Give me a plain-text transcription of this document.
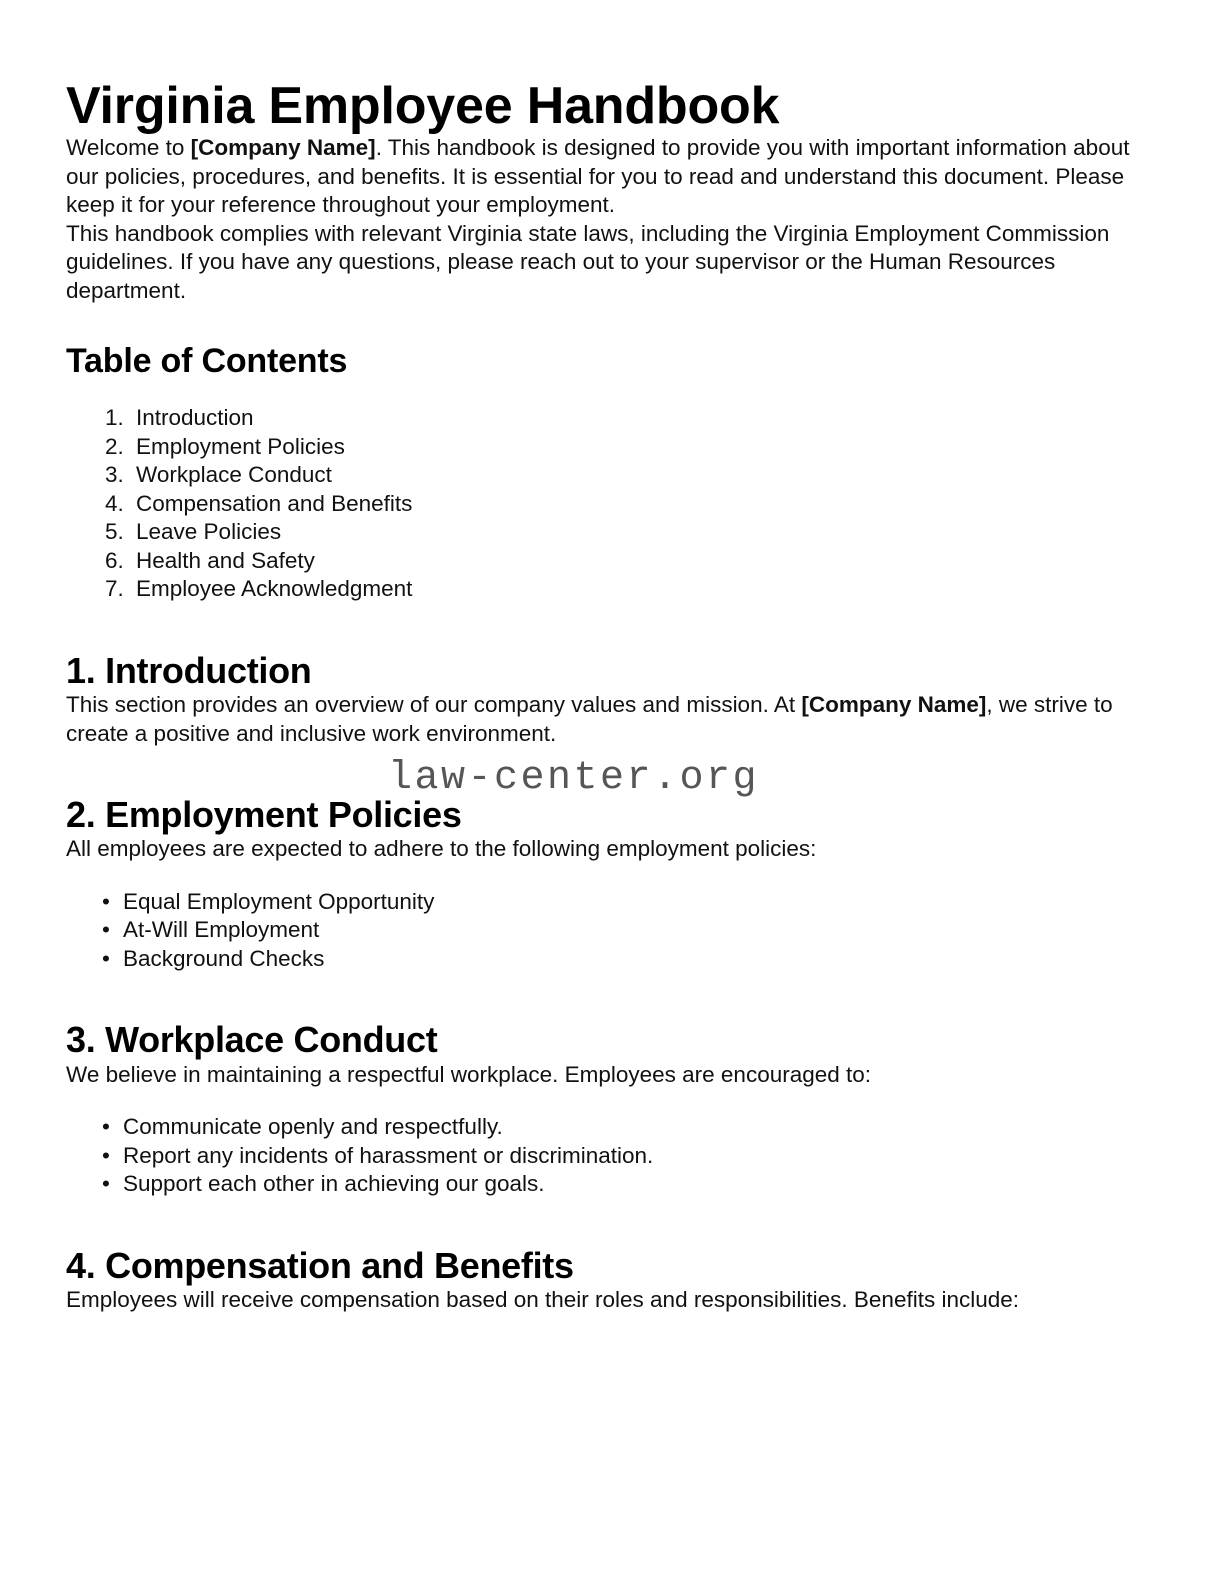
Virginia Employee Handbook

Welcome to [Company Name]. This handbook is designed to provide you with important information about our policies, procedures, and benefits. It is essential for you to read and understand this document. Please keep it for your reference throughout your employment.

This handbook complies with relevant Virginia state laws, including the Virginia Employment Commission guidelines. If you have any questions, please reach out to your supervisor or the Human Resources department.

Table of Contents
1. Introduction
2. Employment Policies
3. Workplace Conduct
4. Compensation and Benefits
5. Leave Policies
6. Health and Safety
7. Employee Acknowledgment
1. Introduction

This section provides an overview of our company values and mission. At [Company Name], we strive to create a positive and inclusive work environment.

2. Employment Policies

All employees are expected to adhere to the following employment policies:

• Equal Employment Opportunity
• At-Will Employment
• Background Checks
3. Workplace Conduct

We believe in maintaining a respectful workplace. Employees are encouraged to:

• Communicate openly and respectfully.
• Report any incidents of harassment or discrimination.
• Support each other in achieving our goals.
4. Compensation and Benefits

Employees will receive compensation based on their roles and responsibilities. Benefits include:

law-center.org
